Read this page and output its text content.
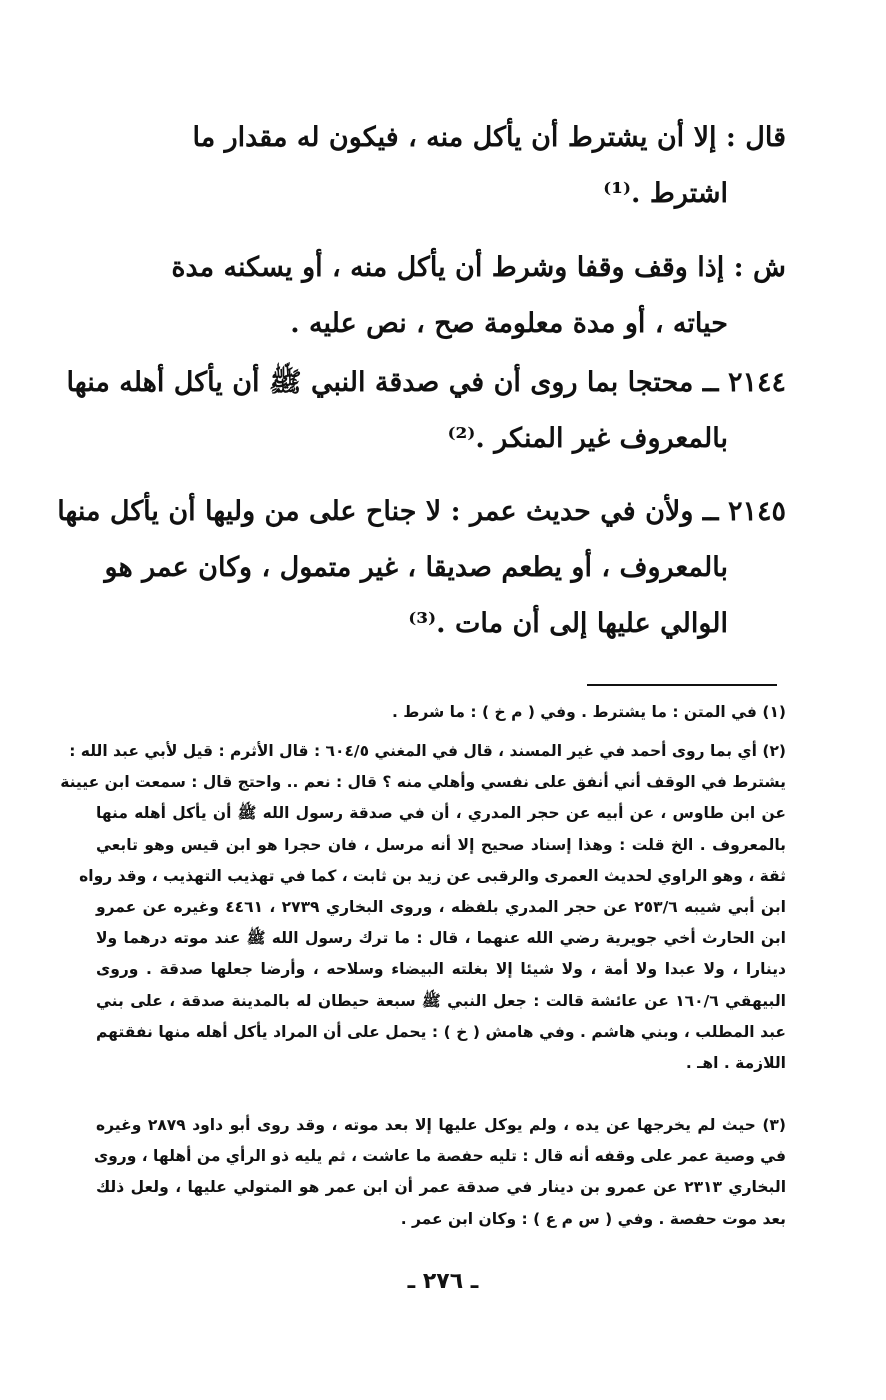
قال : إلا أن يشترط أن يأكل منه ، فيكون له مقدار ما

اشترط .⁽¹⁾

ش : إذا وقف وقفا وشرط أن يأكل منه ، أو يسكنه مدة

حياته ، أو مدة معلومة صح ، نص عليه .

٢١٤٤ ــ محتجا بما روى أن في صدقة النبي ﷺ أن يأكل أهله منها

بالمعروف غير المنكر .⁽²⁾

٢١٤٥ ــ ولأن في حديث عمر : لا جناح على من وليها أن يأكل منها

بالمعروف ، أو يطعم صديقا ، غير متمول ، وكان عمر هو

الوالي عليها إلى أن مات .⁽³⁾

(١) في المتن : ما يشترط . وفي ( م خ ) : ما شرط .

(٢) أي بما روى أحمد في غير المسند ، قال في المغني ٦٠٤/٥ : قال الأثرم : قيل لأبي عبد الله :

يشترط في الوقف أني أنفق على نفسي وأهلي منه ؟ قال : نعم .. واحتج قال : سمعت ابن عيينة

عن ابن طاوس ، عن أبيه عن حجر المدري ، أن في صدقة رسول الله ﷺ أن يأكل أهله منها

بالمعروف . الخ قلت : وهذا إسناد صحيح إلا أنه مرسل ، فان حجرا هو ابن قيس وهو تابعي

ثقة ، وهو الراوي لحديث العمرى والرقبى عن زيد بن ثابت ، كما في تهذيب التهذيب ، وقد رواه

ابن أبي شيبه ٢٥٣/٦ عن حجر المدري بلفظه ، وروى البخاري ٢٧٣٩ ، ٤٤٦١ وغيره عن عمرو

ابن الحارث أخي جويرية رضي الله عنهما ، قال : ما ترك رسول الله ﷺ عند موته درهما ولا

دينارا ، ولا عبدا ولا أمة ، ولا شيئا إلا بغلته البيضاء وسلاحه ، وأرضا جعلها صدقة . وروى

البيهقي ١٦٠/٦ عن عائشة قالت : جعل النبي ﷺ سبعة حيطان له بالمدينة صدقة ، على بني

عبد المطلب ، وبني هاشم . وفي هامش ( خ ) : يحمل على أن المراد يأكل أهله منها نفقتهم

اللازمة . اهـ .

(٣) حيث لم يخرجها عن يده ، ولم يوكل عليها إلا بعد موته ، وقد روى أبو داود ٢٨٧٩ وغيره

في وصية عمر على وقفه أنه قال : تليه حفصة ما عاشت ، ثم يليه ذو الرأي من أهلها ، وروى

البخاري ٢٣١٣ عن عمرو بن دينار في صدقة عمر أن ابن عمر هو المتولي عليها ، ولعل ذلك

بعد موت حفصة . وفي ( س م ع ) : وكان ابن عمر .

ـ ٢٧٦ ـ
